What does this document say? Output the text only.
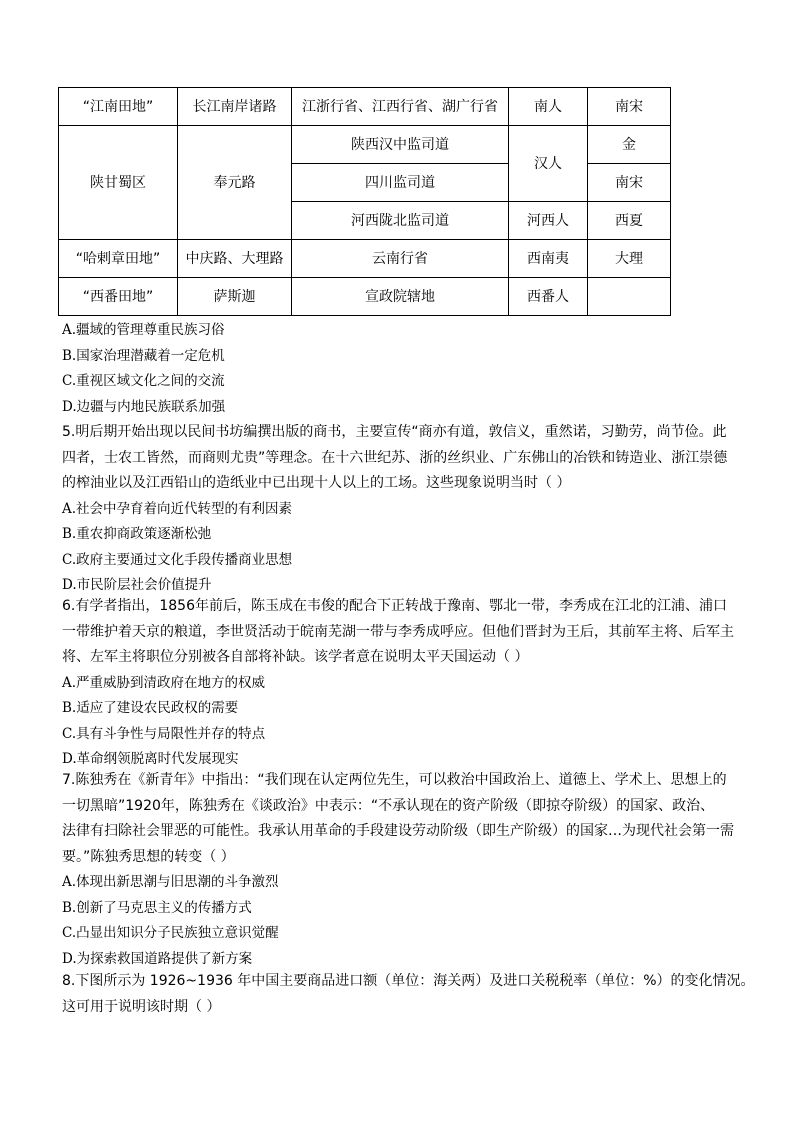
“江南田地”	长江南岸诸路	江浙行省、江西行省、湖广行省	南人	南宋
陕甘蜀区	奉元路	陕西汉中监司道	汉人	金
		四川监司道		南宋
		河西陇北监司道	河西人	西夏
“哈剌章田地”	中庆路、大理路	云南行省	西南夷	大理
“西番田地”	萨斯迦	宣政院辖地	西番人	
A.疆域的管理尊重民族习俗
B.国家治理潜藏着一定危机
C.重视区域文化之间的交流
D.边疆与内地民族联系加强
5.明后期开始出现以民间书坊编撰出版的商书，主要宣传“商亦有道，敦信义，重然诺，习勤劳，尚节俭。此
四者，士农工皆然，而商则尤贵”等理念。在十六世纪苏、浙的丝织业、广东佛山的冶铁和铸造业、浙江崇德
的榨油业以及江西铅山的造纸业中已出现十人以上的工场。这些现象说明当时（ ）
A.社会中孕育着向近代转型的有利因素
B.重农抑商政策逐渐松弛
C.政府主要通过文化手段传播商业思想
D.市民阶层社会价值提升
6.有学者指出，1856年前后，陈玉成在韦俊的配合下正转战于豫南、鄂北一带，李秀成在江北的江浦、浦口
一带维护着天京的粮道，李世贤活动于皖南芜湖一带与李秀成呼应。但他们晋封为王后，其前军主将、后军主
将、左军主将职位分别被各自部将补缺。该学者意在说明太平天国运动（ ）
A.严重威胁到清政府在地方的权威
B.适应了建设农民政权的需要
C.具有斗争性与局限性并存的特点
D.革命纲领脱离时代发展现实
7.陈独秀在《新青年》中指出：“我们现在认定两位先生，可以救治中国政治上、道德上、学术上、思想上的
一切黑暗”1920年，陈独秀在《谈政治》中表示：“不承认现在的资产阶级（即掠夺阶级）的国家、政治、
法律有扫除社会罪恶的可能性。我承认用革命的手段建设劳动阶级（即生产阶级）的国家…为现代社会第一需
要。”陈独秀思想的转变（ ）
A.体现出新思潮与旧思潮的斗争激烈
B.创新了马克思主义的传播方式
C.凸显出知识分子民族独立意识觉醒
D.为探索救国道路提供了新方案
8.下图所示为 1926~1936 年中国主要商品进口额（单位：海关两）及进口关税税率（单位：%）的变化情况。
这可用于说明该时期（ ）
